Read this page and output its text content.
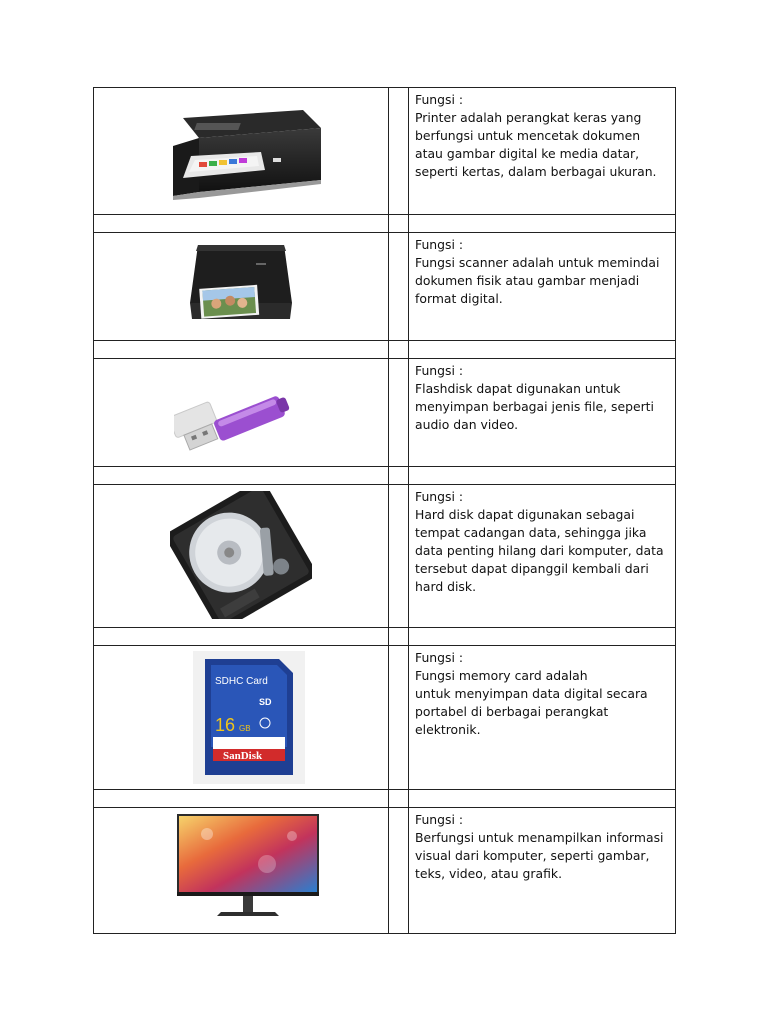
Fungsi :
Printer adalah perangkat keras yang
berfungsi untuk mencetak dokumen
atau gambar digital ke media datar,
seperti kertas, dalam berbagai ukuran.
Fungsi :
Fungsi scanner adalah untuk memindai
dokumen fisik atau gambar menjadi
format digital.
Fungsi :
Flashdisk dapat digunakan untuk
menyimpan berbagai jenis file, seperti
audio dan video.
Fungsi :
Hard disk dapat digunakan sebagai
tempat cadangan data, sehingga jika
data penting hilang dari komputer, data
tersebut dapat dipanggil kembali dari
hard disk.
SDHC Card
16 GB
SD
SanDisk
Fungsi :
Fungsi memory card adalah
untuk menyimpan data digital secara
portabel di berbagai perangkat
elektronik.
Fungsi :
Berfungsi untuk menampilkan informasi
visual dari komputer, seperti gambar,
teks, video, atau grafik.
